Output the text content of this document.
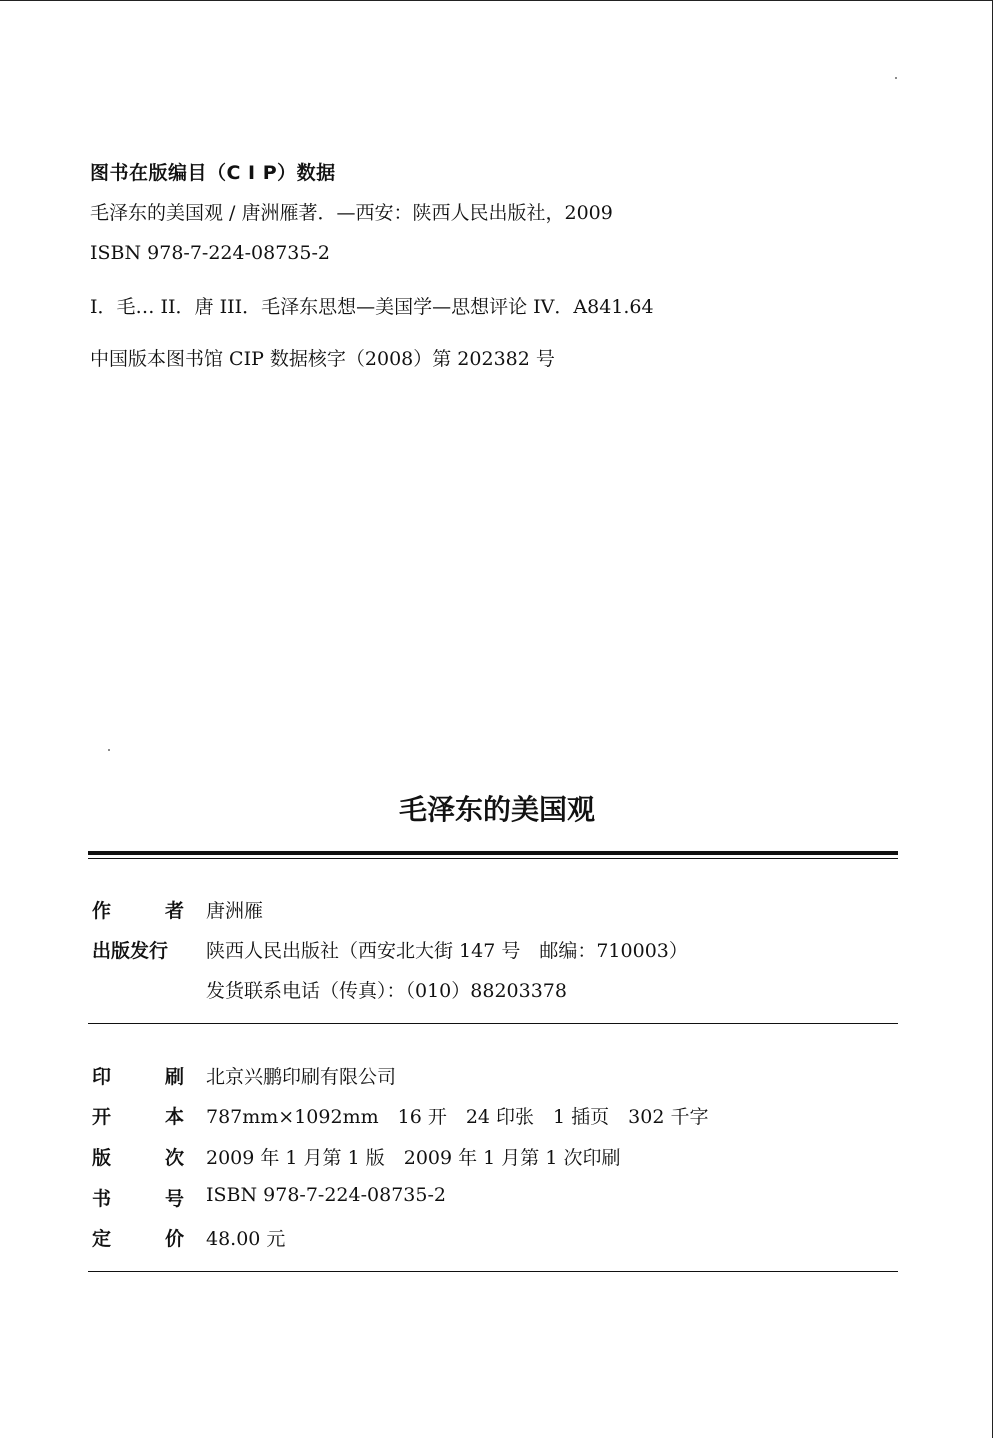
图书在版编目（C I P）数据
毛泽东的美国观 / 唐洲雁著．—西安：陕西人民出版社，2009
ISBN 978-7-224-08735-2
I．毛… II．唐 III．毛泽东思想—美国学—思想评论 IV．A841.64
中国版本图书馆 CIP 数据核字（2008）第 202382 号
毛泽东的美国观
作	者 唐洲雁
出版发行	陕西人民出版社（西安北大街 147 号　邮编：710003）
发货联系电话（传真）：（010）88203378
印	刷 北京兴鹏印刷有限公司
开	本 787mm×1092mm　16 开　24 印张　1 插页　302 千字
版	次 2009 年 1 月第 1 版　2009 年 1 月第 1 次印刷
书	号 ISBN 978-7-224-08735-2
定	价 48.00 元
